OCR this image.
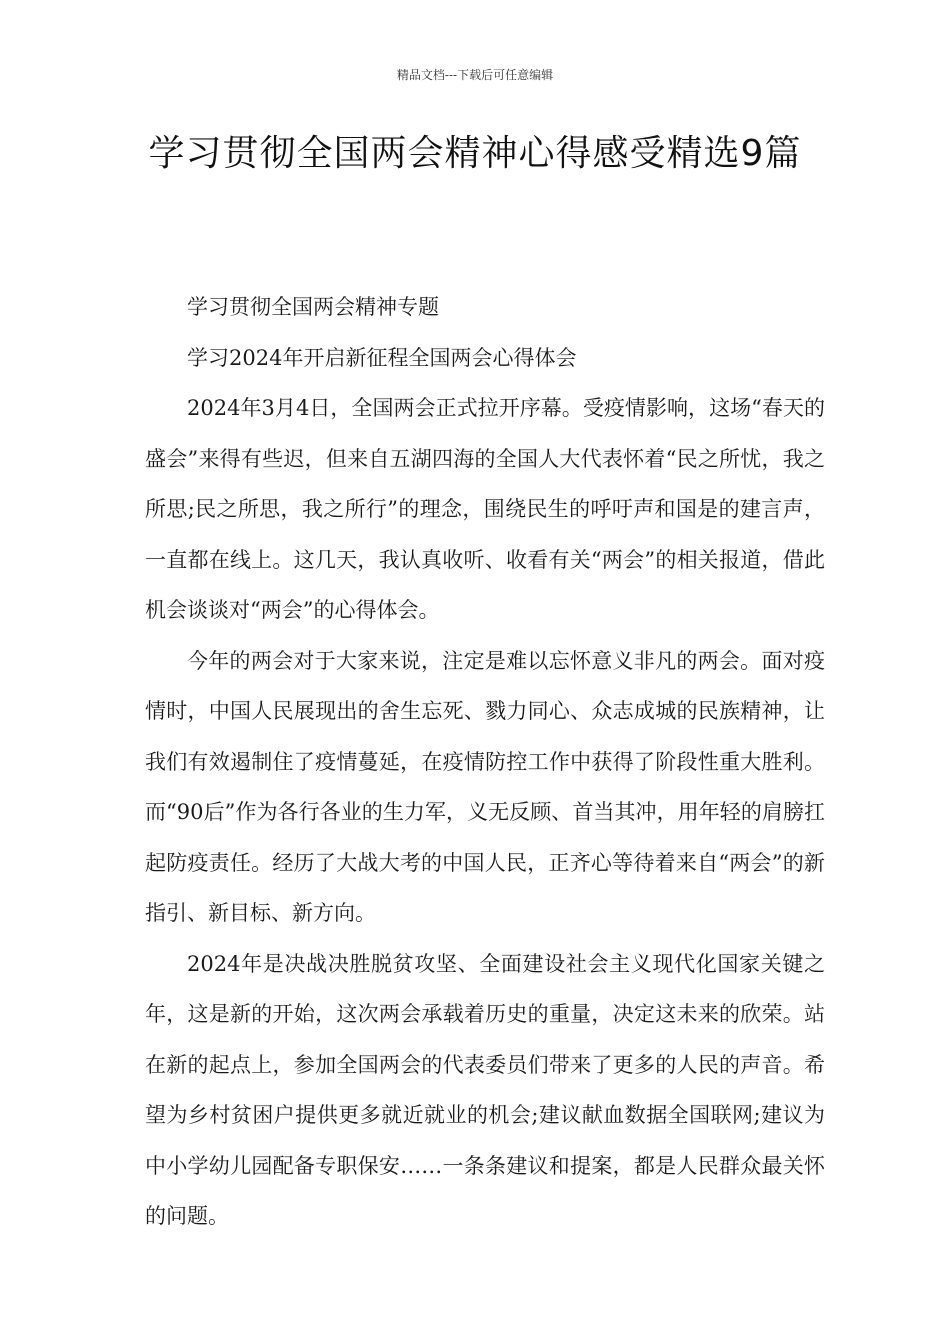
精品文档---下载后可任意编辑
学习贯彻全国两会精神心得感受精选9篇

学习贯彻全国两会精神专题

学习2024年开启新征程全国两会心得体会

2024年3月4日，全国两会正式拉开序幕。受疫情影响，这场“春天的盛会”来得有些迟，但来自五湖四海的全国人大代表怀着“民之所忧，我之所思;民之所思，我之所行”的理念，围绕民生的呼吁声和国是的建言声，一直都在线上。这几天，我认真收听、收看有关“两会”的相关报道，借此机会谈谈对“两会”的心得体会。

今年的两会对于大家来说，注定是难以忘怀意义非凡的两会。面对疫情时，中国人民展现出的舍生忘死、戮力同心、众志成城的民族精神，让我们有效遏制住了疫情蔓延，在疫情防控工作中获得了阶段性重大胜利。而“90后”作为各行各业的生力军，义无反顾、首当其冲，用年轻的肩膀扛起防疫责任。经历了大战大考的中国人民，正齐心等待着来自“两会”的新指引、新目标、新方向。

2024年是决战决胜脱贫攻坚、全面建设社会主义现代化国家关键之年，这是新的开始，这次两会承载着历史的重量，决定这未来的欣荣。站在新的起点上，参加全国两会的代表委员们带来了更多的人民的声音。希望为乡村贫困户提供更多就近就业的机会;建议献血数据全国联网;建议为中小学幼儿园配备专职保安……一条条建议和提案，都是人民群众最关怀的问题。
